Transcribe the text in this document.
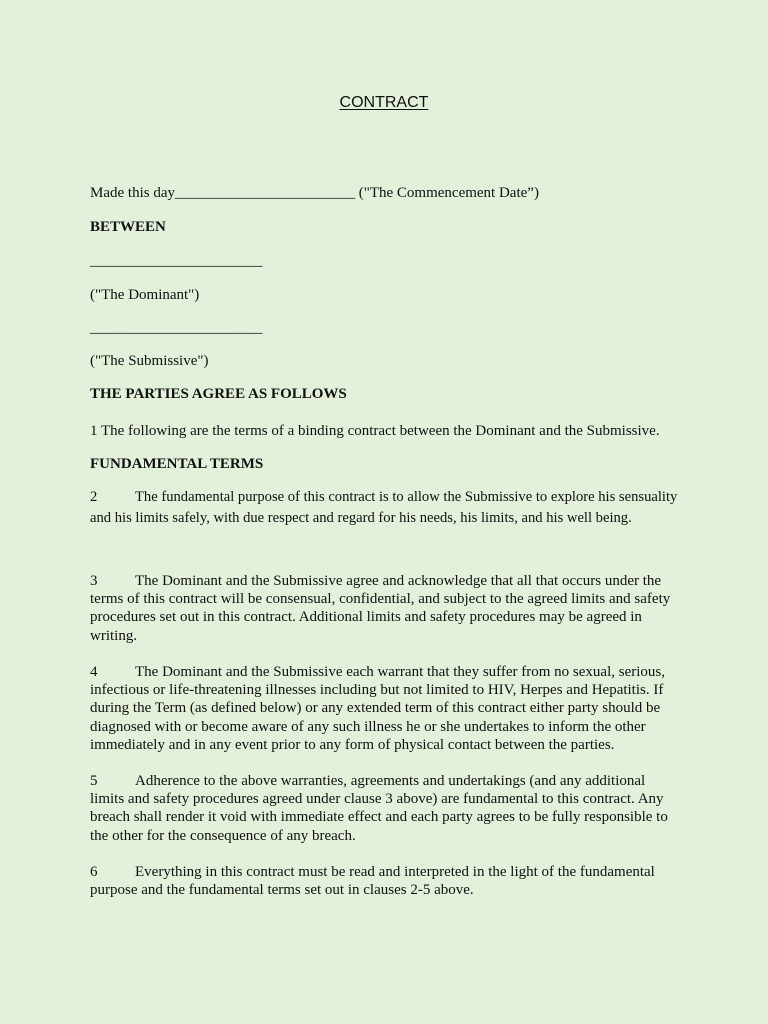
CONTRACT
Made this day________________________ ("The Commencement Date”)
BETWEEN
_______________________
("The Dominant")
_______________________
("The Submissive")
THE PARTIES AGREE AS FOLLOWS
1 The following are the terms of a binding contract between the Dominant and the Submissive.
FUNDAMENTAL TERMS
2	The fundamental purpose of this contract is to allow the Submissive to explore his sensuality and his limits safely, with due respect and regard for his needs, his limits, and his well being.
3	The Dominant and the Submissive agree and acknowledge that all that occurs under the terms of this contract will be consensual, confidential, and subject to the agreed limits and safety procedures set out in this contract. Additional limits and safety procedures may be agreed in writing.
4	The Dominant and the Submissive each warrant that they suffer from no sexual, serious, infectious or life-threatening illnesses including but not limited to HIV, Herpes and Hepatitis. If during the Term (as defined below) or any extended term of this contract either party should be diagnosed with or become aware of any such illness he or she undertakes to inform the other immediately and in any event prior to any form of physical contact between the parties.
5	Adherence to the above warranties, agreements and undertakings (and any additional limits and safety procedures agreed under clause 3 above) are fundamental to this contract. Any breach shall render it void with immediate effect and each party agrees to be fully responsible to the other for the consequence of any breach.
6	Everything in this contract must be read and interpreted in the light of the fundamental purpose and the fundamental terms set out in clauses 2-5 above.
